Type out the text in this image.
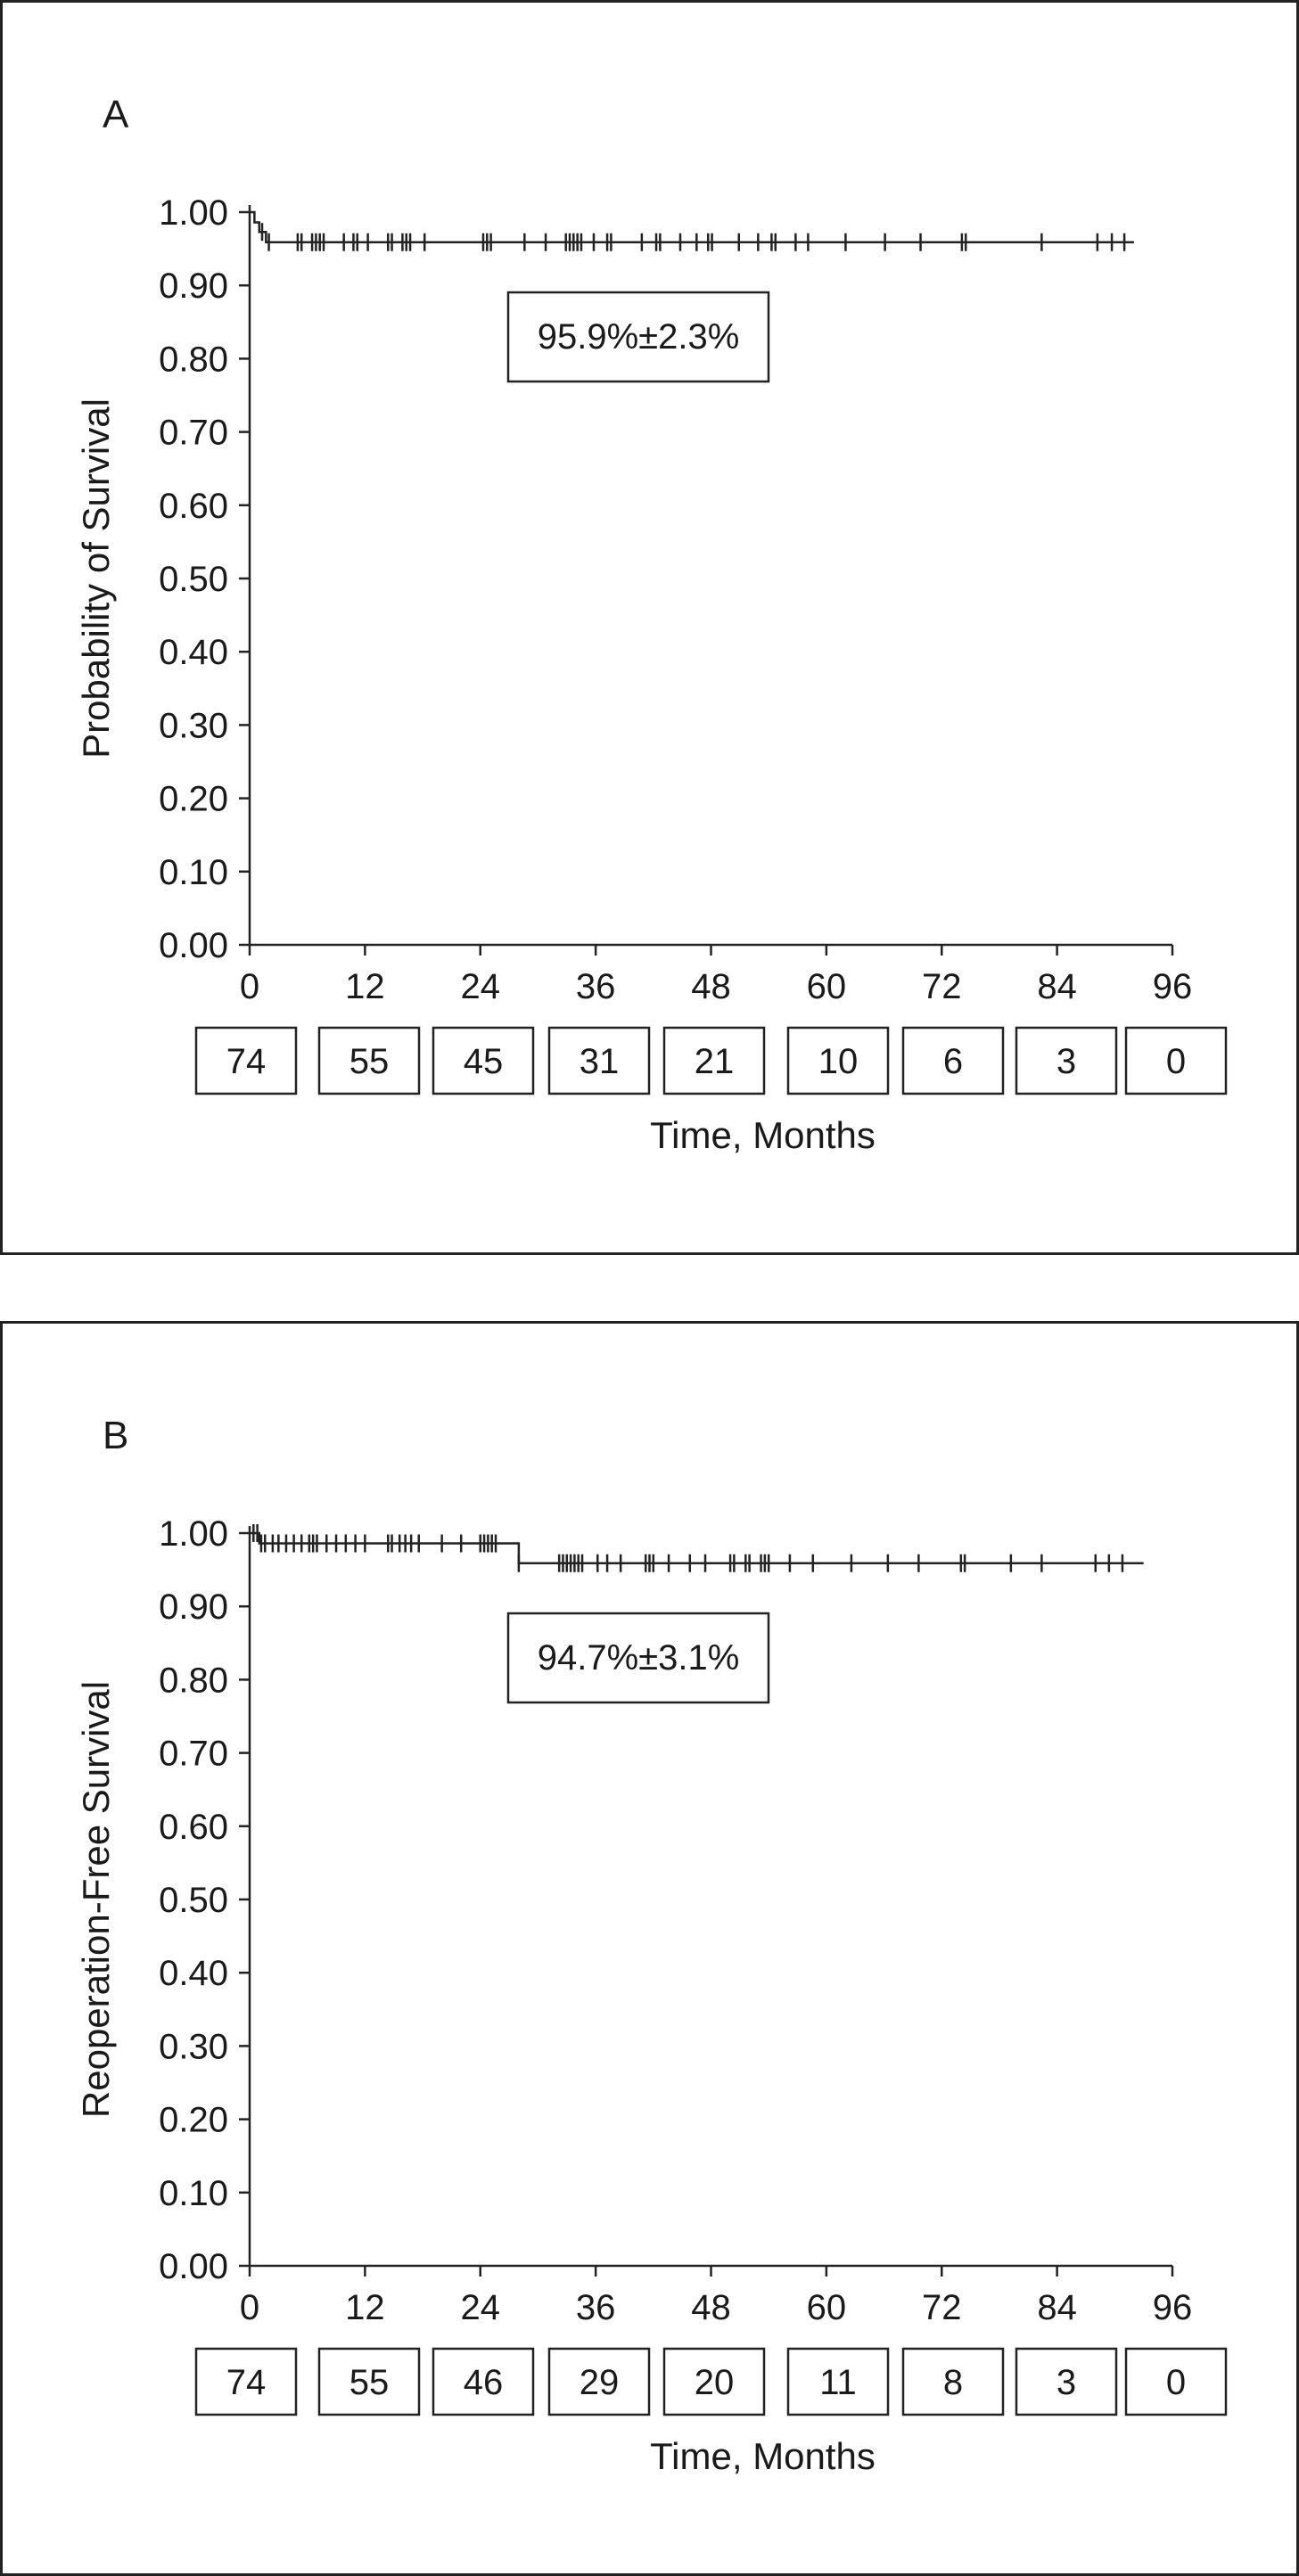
A
0.00
0.10
0.20
0.30
0.40
0.50
0.60
0.70
0.80
0.90
1.00
0 12 24 36 48 60 72 84 96
Probability of Survival
74 55 45 31 21 10 6	3	0
Time, Months
95.9%±2.3%
B
0.00
0.10
0.20
0.30
0.40
0.50
0.60
0.70
0.80
0.90
1.00
0 12 24 36 48 60 72 84 96
Reoperation-Free Survival
74 55 46 29 20 11 8	3	0
Time, Months
94.7%±3.1%
